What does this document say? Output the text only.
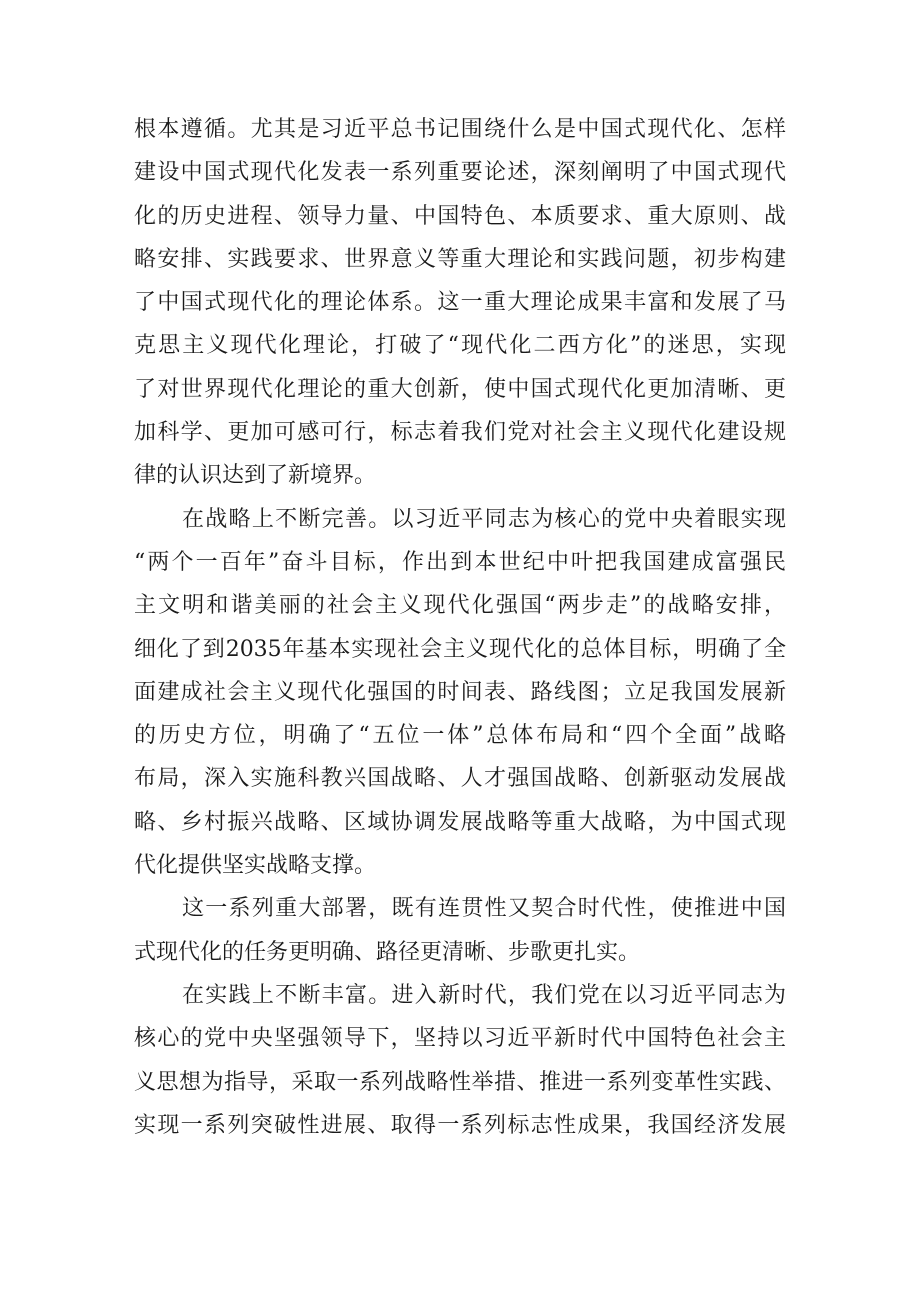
根本遵循。尤其是习近平总书记围绕什么是中国式现代化、怎样
建设中国式现代化发表一系列重要论述，深刻阐明了中国式现代
化的历史进程、领导力量、中国特色、本质要求、重大原则、战
略安排、实践要求、世界意义等重大理论和实践问题，初步构建
了中国式现代化的理论体系。这一重大理论成果丰富和发展了马
克思主义现代化理论，打破了“现代化二西方化”的迷思，实现
了对世界现代化理论的重大创新，使中国式现代化更加清晰、更
加科学、更加可感可行，标志着我们党对社会主义现代化建设规
律的认识达到了新境界。
在战略上不断完善。以习近平同志为核心的党中央着眼实现
“两个一百年”奋斗目标，作出到本世纪中叶把我国建成富强民
主文明和谐美丽的社会主义现代化强国“两步走”的战略安排，
细化了到2035年基本实现社会主义现代化的总体目标，明确了全
面建成社会主义现代化强国的时间表、路线图；立足我国发展新
的历史方位，明确了“五位一体”总体布局和“四个全面”战略
布局，深入实施科教兴国战略、人才强国战略、创新驱动发展战
略、乡村振兴战略、区域协调发展战略等重大战略，为中国式现
代化提供坚实战略支撑。
这一系列重大部署，既有连贯性又契合时代性，使推进中国
式现代化的任务更明确、路径更清晰、步歌更扎实。
在实践上不断丰富。进入新时代，我们党在以习近平同志为
核心的党中央坚强领导下，坚持以习近平新时代中国特色社会主
义思想为指导，采取一系列战略性举措、推进一系列变革性实践、
实现一系列突破性进展、取得一系列标志性成果，我国经济发展
